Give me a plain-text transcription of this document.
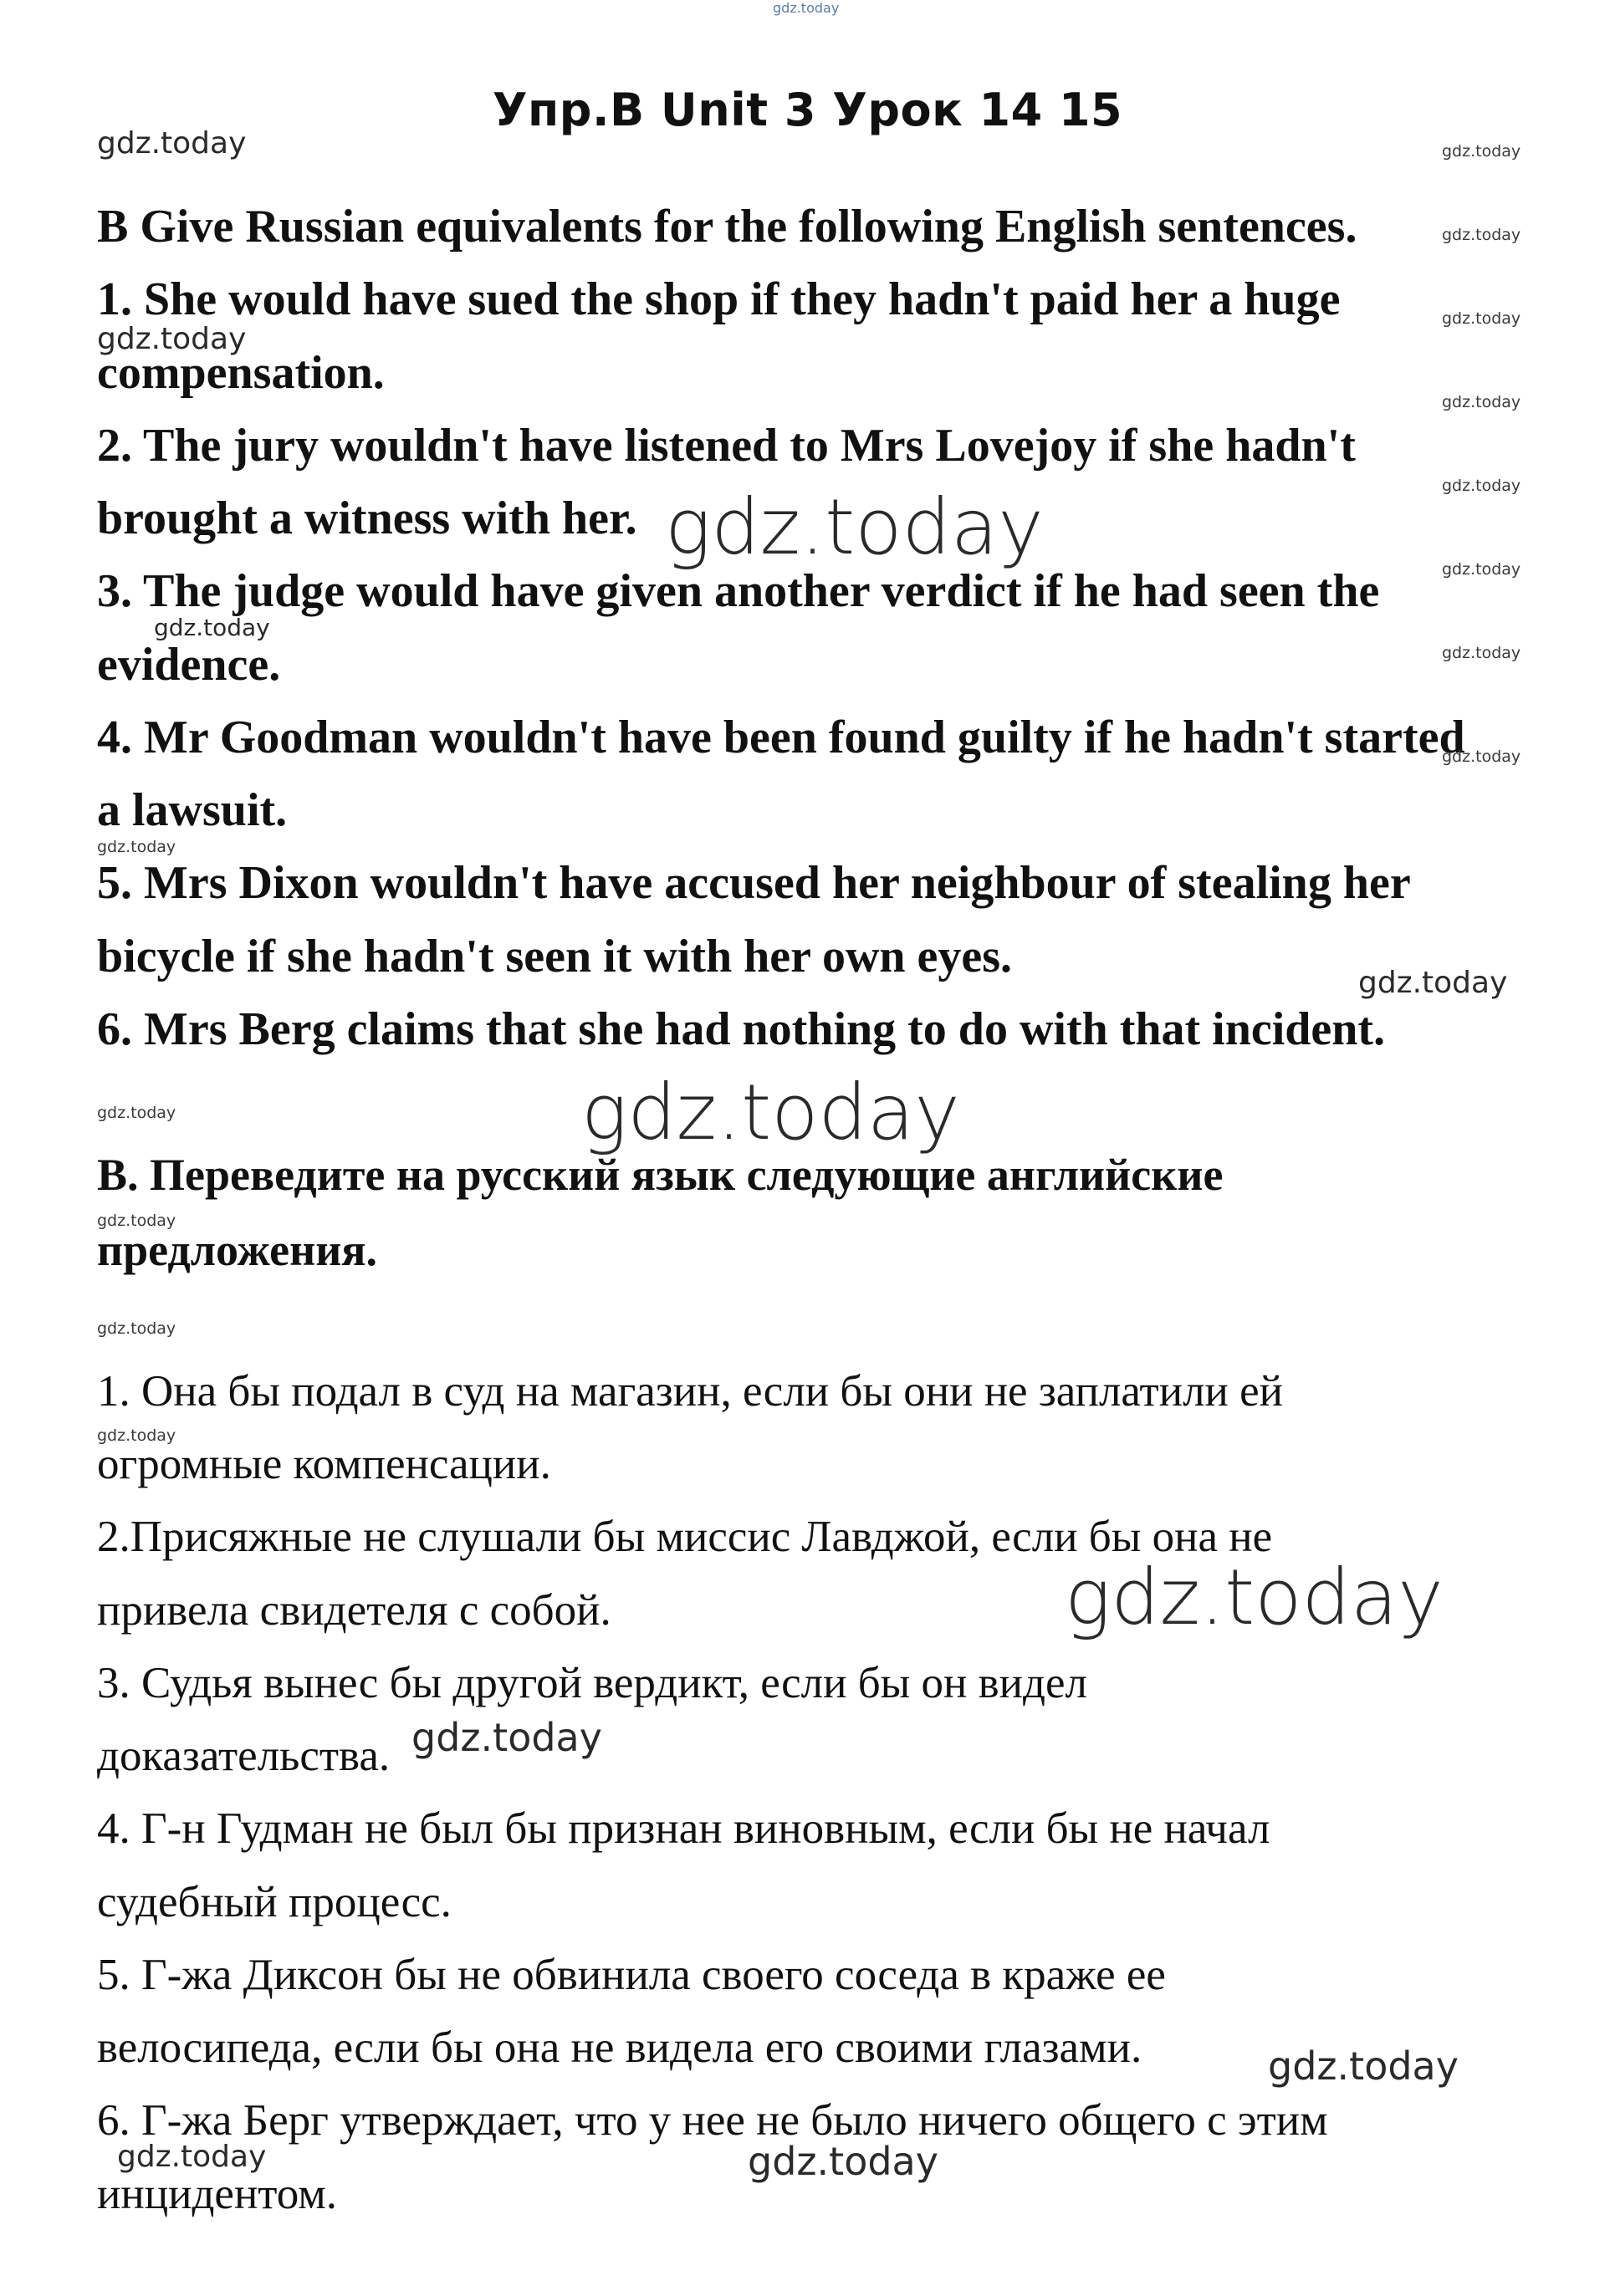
Упр.B Unit 3 Урок 14 15
B Give Russian equivalents for the following English sentences.
1. She would have sued the shop if they hadn't paid her a huge
compensation.
2. The jury wouldn't have listened to Mrs Lovejoy if she hadn't
brought a witness with her.
3. The judge would have given another verdict if he had seen the
evidence.
4. Mr Goodman wouldn't have been found guilty if he hadn't started
a lawsuit.
5. Mrs Dixon wouldn't have accused her neighbour of stealing her
bicycle if she hadn't seen it with her own eyes.
6. Mrs Berg claims that she had nothing to do with that incident.
B. Переведите на русский язык следующие английские
предложения.
1. Она бы подал в суд на магазин, если бы они не заплатили ей
огромные компенсации.
2.Присяжные не слушали бы миссис Лавджой, если бы она не
привела свидетеля с собой.
3. Судья вынес бы другой вердикт, если бы он видел
доказательства.
4. Г-н Гудман не был бы признан виновным, если бы не начал
судебный процесс.
5. Г-жа Диксон бы не обвинила своего соседа в краже ее
велосипеда, если бы она не видела его своими глазами.
6. Г-жа Берг утверждает, что у нее не было ничего общего с этим
инцидентом.
gdz.today
gdz.today	gdz.today
gdz.today
gdz.today
gdz.today
gdz.today
gdz.today
gdz.today
gdz.today
gdz.today
gdz.today
gdz.today
gdz.today
gdz.today
gdz.today	gdz.today
gdz.today
gdz.today
gdz.today
gdz.today
gdz.today
gdz.today
gdz.today	gdz.today
